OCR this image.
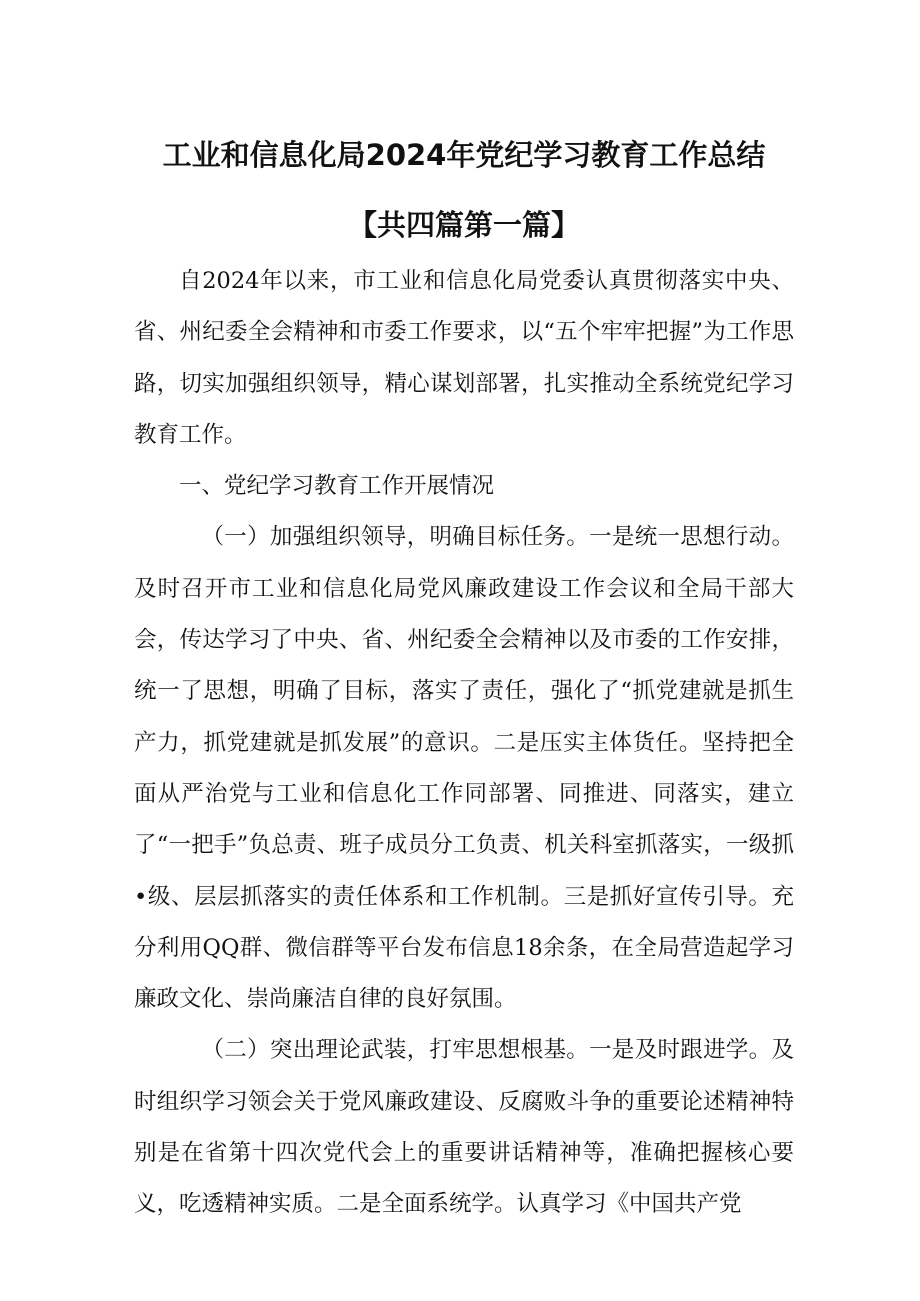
工业和信息化局2024年党纪学习教育工作总结
【共四篇第一篇】

自2024年以来，市工业和信息化局党委认真贯彻落实中央、省、州纪委全会精神和市委工作要求，以“五个牢牢把握”为工作思路，切实加强组织领导，精心谋划部署，扎实推动全系统党纪学习教育工作。

一、党纪学习教育工作开展情况

（一）加强组织领导，明确目标任务。一是统一思想行动。及时召开市工业和信息化局党风廉政建设工作会议和全局干部大会，传达学习了中央、省、州纪委全会精神以及市委的工作安排，统一了思想，明确了目标，落实了责任，强化了“抓党建就是抓生产力，抓党建就是抓发展”的意识。二是压实主体货任。坚持把全面从严治党与工业和信息化工作同部署、同推进、同落实，建立了“一把手”负总责、班子成员分工负责、机关科室抓落实，一级抓•级、层层抓落实的责任体系和工作机制。三是抓好宣传引导。充分利用QQ群、微信群等平台发布信息18余条，在全局营造起学习廉政文化、崇尚廉洁自律的良好氛围。

（二）突出理论武装，打牢思想根基。一是及时跟进学。及时组织学习领会关于党风廉政建设、反腐败斗争的重要论述精神特别是在省第十四次党代会上的重要讲话精神等，准确把握核心要义，吃透精神实质。二是全面系统学。认真学习《中国共产党
